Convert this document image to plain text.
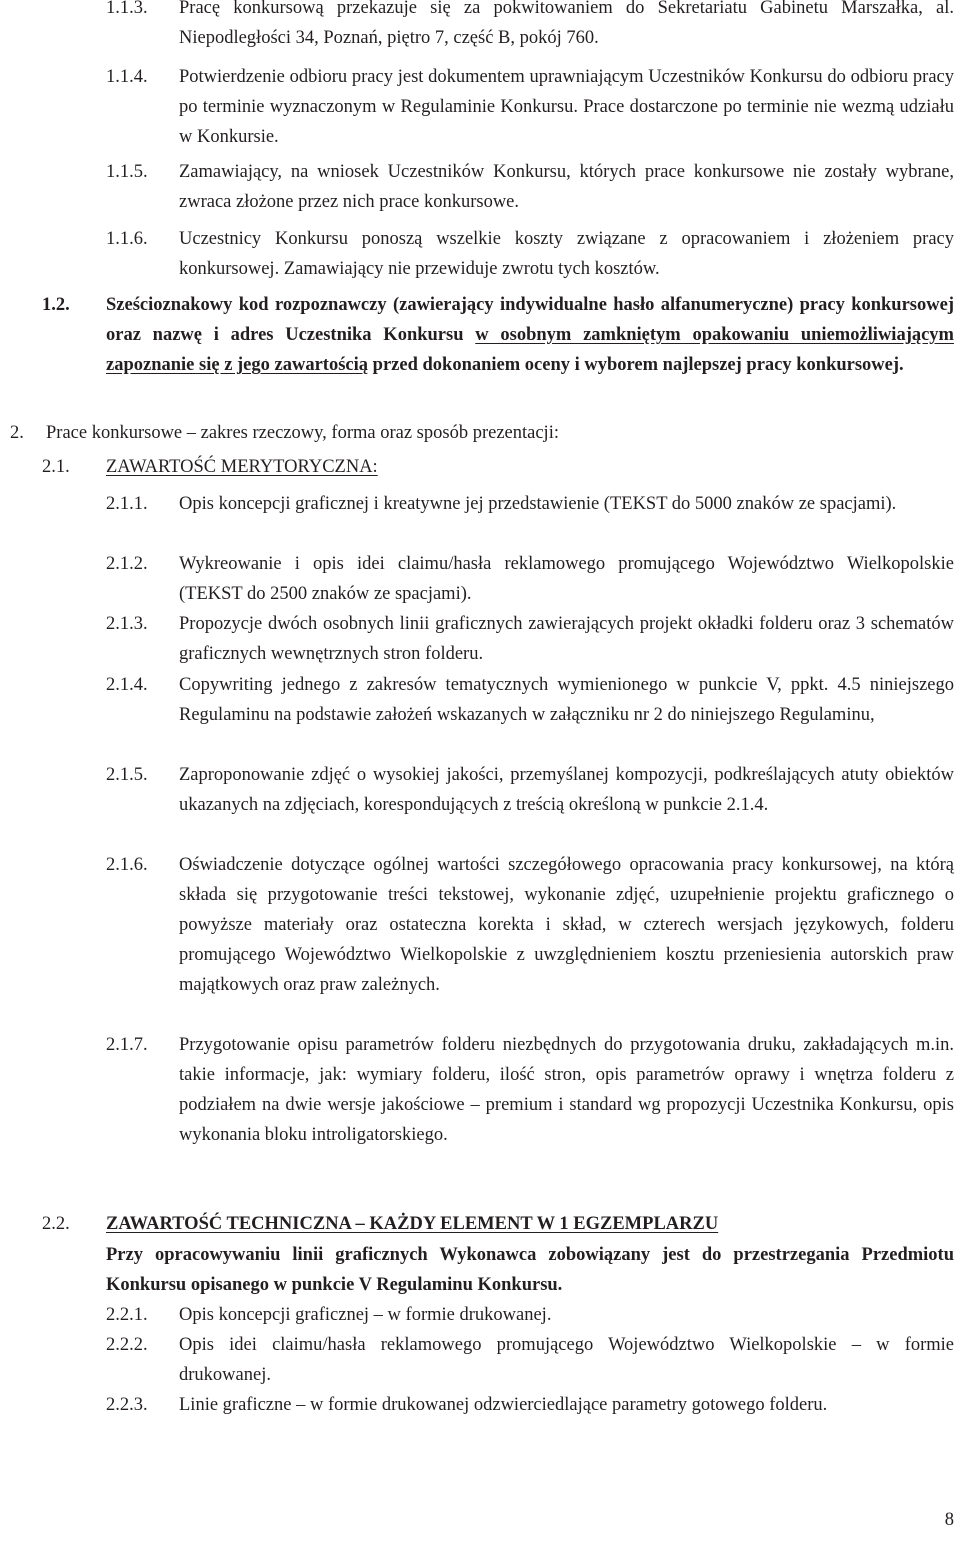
1.1.3. Pracę konkursową przekazuje się za pokwitowaniem do Sekretariatu Gabinetu Marszałka, al. Niepodległości 34, Poznań, piętro 7, część B, pokój 760.
1.1.4. Potwierdzenie odbioru pracy jest dokumentem uprawniającym Uczestników Konkursu do odbioru pracy po terminie wyznaczonym w Regulaminie Konkursu. Prace dostarczone po terminie nie wezmą udziału w Konkursie.
1.1.5. Zamawiający, na wniosek Uczestników Konkursu, których prace konkursowe nie zostały wybrane, zwraca złożone przez nich prace konkursowe.
1.1.6. Uczestnicy Konkursu ponoszą wszelkie koszty związane z opracowaniem i złożeniem pracy konkursowej. Zamawiający nie przewiduje zwrotu tych kosztów.
1.2. Sześcioznakowy kod rozpoznawczy (zawierający indywidualne hasło alfanumeryczne) pracy konkursowej oraz nazwę i adres Uczestnika Konkursu w osobnym zamkniętym opakowaniu uniemożliwiającym zapoznanie się z jego zawartością przed dokonaniem oceny i wyborem najlepszej pracy konkursowej.
2. Prace konkursowe – zakres rzeczowy, forma oraz sposób prezentacji:
2.1. ZAWARTOŚĆ MERYTORYCZNA:
2.1.1. Opis koncepcji graficznej i kreatywne jej przedstawienie (TEKST do 5000 znaków ze spacjami).
2.1.2. Wykreowanie i opis idei claimu/hasła reklamowego promującego Województwo Wielkopolskie (TEKST do 2500 znaków ze spacjami).
2.1.3. Propozycje dwóch osobnych linii graficznych zawierających projekt okładki folderu oraz 3 schematów graficznych wewnętrznych stron folderu.
2.1.4. Copywriting jednego z zakresów tematycznych wymienionego w punkcie V, ppkt. 4.5 niniejszego Regulaminu na podstawie założeń wskazanych w załączniku nr 2 do niniejszego Regulaminu,
2.1.5. Zaproponowanie zdjęć o wysokiej jakości, przemyślanej kompozycji, podkreślających atuty obiektów ukazanych na zdjęciach, korespondujących z treścią określoną w punkcie 2.1.4.
2.1.6. Oświadczenie dotyczące ogólnej wartości szczegółowego opracowania pracy konkursowej, na którą składa się przygotowanie treści tekstowej, wykonanie zdjęć, uzupełnienie projektu graficznego o powyższe materiały oraz ostateczna korekta i skład, w czterech wersjach językowych, folderu promującego Województwo Wielkopolskie z uwzględnieniem kosztu przeniesienia autorskich praw majątkowych oraz praw zależnych.
2.1.7. Przygotowanie opisu parametrów folderu niezbędnych do przygotowania druku, zakładających m.in. takie informacje, jak: wymiary folderu, ilość stron, opis parametrów oprawy i wnętrza folderu z podziałem na dwie wersje jakościowe – premium i standard wg propozycji Uczestnika Konkursu, opis wykonania bloku introligatorskiego.
2.2. ZAWARTOŚĆ TECHNICZNA – KAŻDY ELEMENT W 1 EGZEMPLARZU
Przy opracowywaniu linii graficznych Wykonawca zobowiązany jest do przestrzegania Przedmiotu Konkursu opisanego w punkcie V Regulaminu Konkursu.
2.2.1. Opis koncepcji graficznej – w formie drukowanej.
2.2.2. Opis idei claimu/hasła reklamowego promującego Województwo Wielkopolskie – w formie drukowanej.
2.2.3. Linie graficzne – w formie drukowanej odzwierciedlające parametry gotowego folderu.
8
